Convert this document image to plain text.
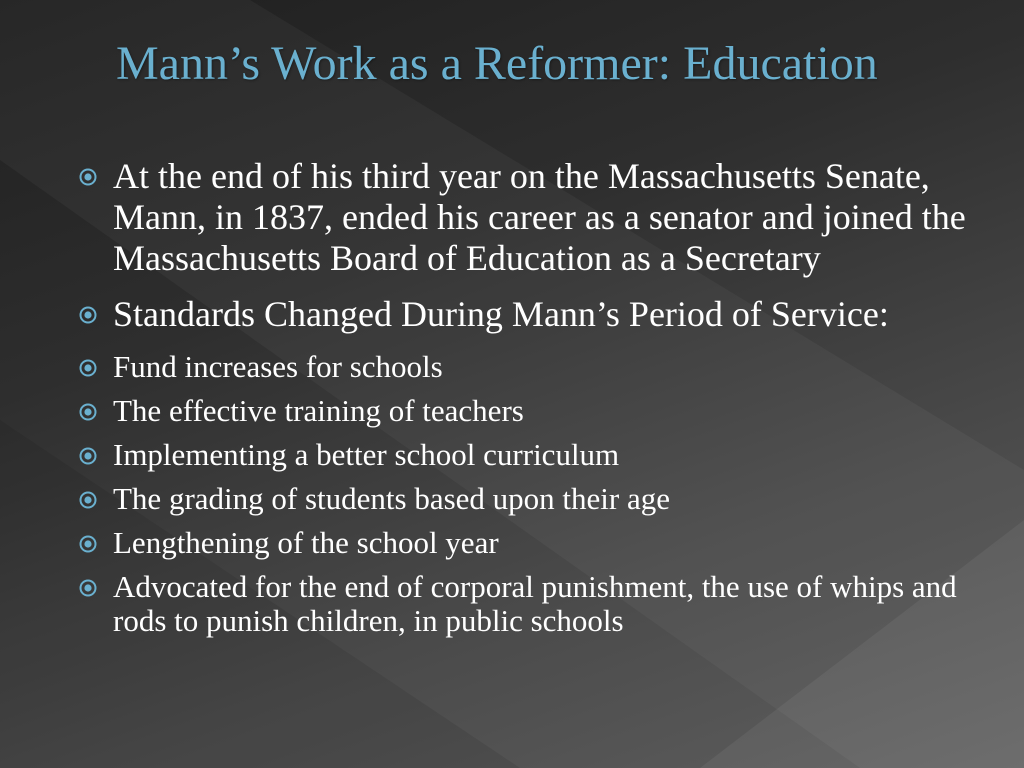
Mann’s Work as a Reformer: Education
At the end of his third year on the Massachusetts Senate, Mann, in 1837, ended his career as a senator and joined the Massachusetts Board of Education as a Secretary
Standards Changed During Mann’s Period of Service:
Fund increases for schools
The effective training of teachers
Implementing a better school curriculum
The grading of students based upon their age
Lengthening of the school year
Advocated for the end of corporal punishment, the use of whips and rods to punish children, in public schools
